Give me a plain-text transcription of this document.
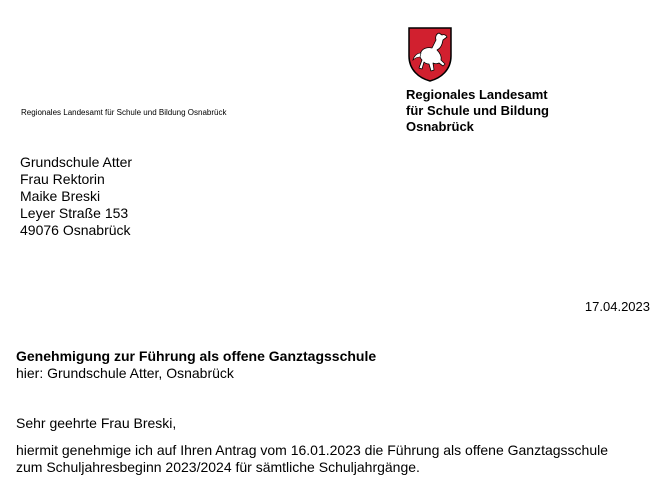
Regionales Landesamt
für Schule und Bildung
Osnabrück
Regionales Landesamt für Schule und Bildung Osnabrück
Grundschule Atter
Frau Rektorin
Maike Breski
Leyer Straße 153
49076 Osnabrück
17.04.2023
Genehmigung zur Führung als offene Ganztagsschule
hier: Grundschule Atter, Osnabrück
Sehr geehrte Frau Breski,
hiermit genehmige ich auf Ihren Antrag vom 16.01.2023 die Führung als offene Ganztagsschule
zum Schuljahresbeginn 2023/2024 für sämtliche Schuljahrgänge.
